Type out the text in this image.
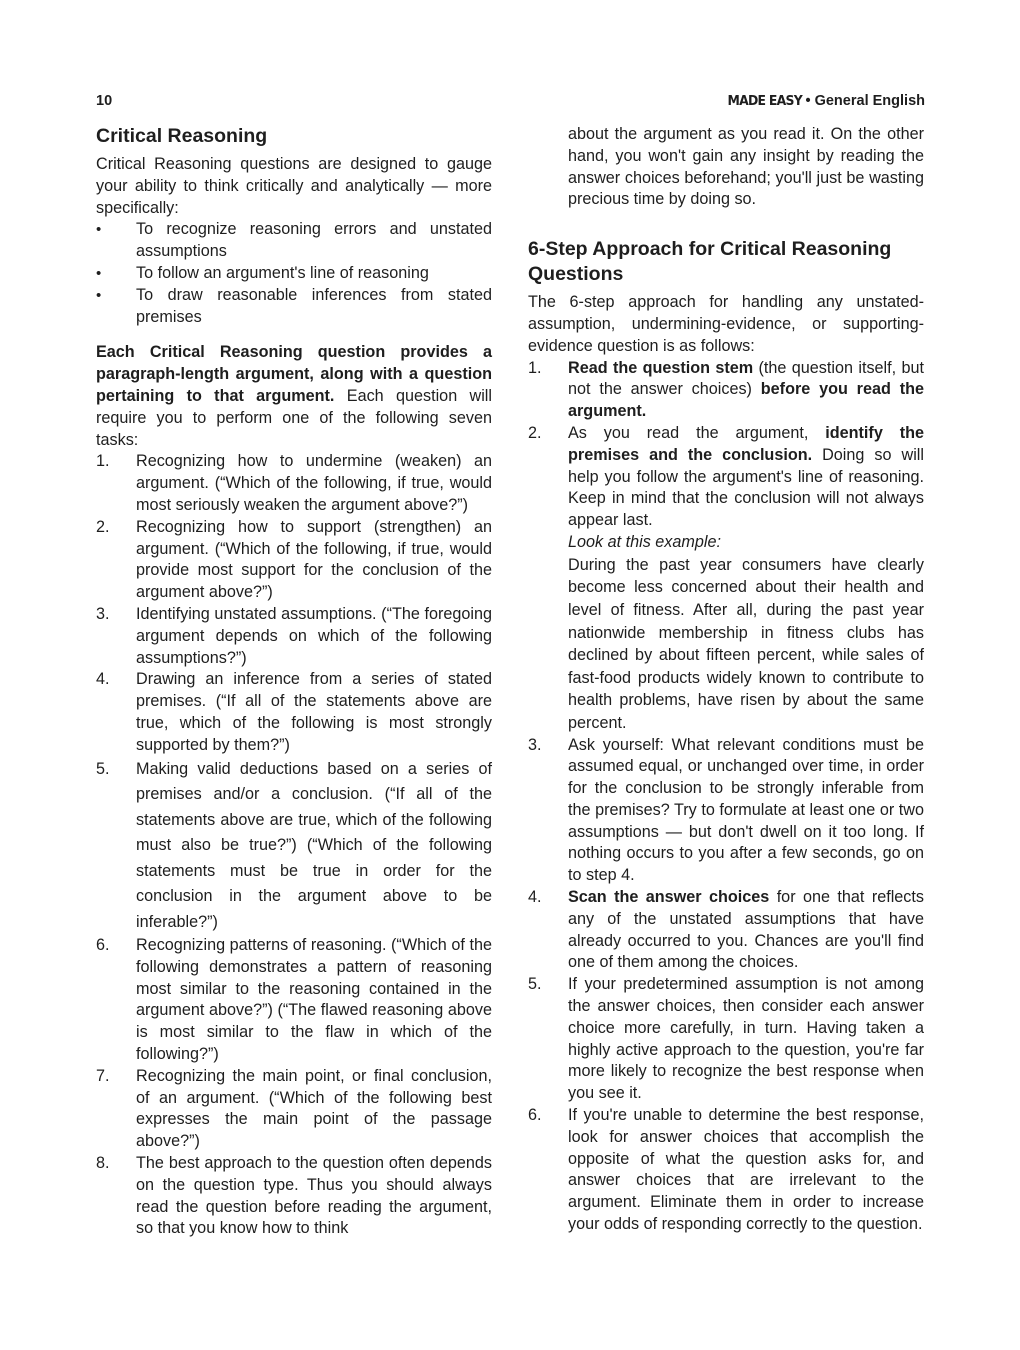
10	MADE EASY • General English
Critical Reasoning

Critical Reasoning questions are designed to gauge your ability to think critically and analytically — more specifically:

•	To recognize reasoning errors and unstated assumptions
•	To follow an argument's line of reasoning
•	To draw reasonable inferences from stated premises

Each Critical Reasoning question provides a paragraph-length argument, along with a question pertaining to that argument. Each question will require you to perform one of the following seven tasks:

1.	Recognizing how to undermine (weaken) an argument. (“Which of the following, if true, would most seriously weaken the argument above?”)
2.	Recognizing how to support (strengthen) an argument. (“Which of the following, if true, would provide most support for the conclusion of the argument above?”)
3.	Identifying unstated assumptions. (“The foregoing argument depends on which of the following assumptions?”)
4.	Drawing an inference from a series of stated premises. (“If all of the statements above are true, which of the following is most strongly supported by them?”)
5.	Making valid deductions based on a series of premises and/or a conclusion. (“If all of the statements above are true, which of the following must also be true?”) (“Which of the following statements must be true in order for the conclusion in the argument above to be inferable?”)
6.	Recognizing patterns of reasoning. (“Which of the following demonstrates a pattern of reasoning most similar to the reasoning contained in the argument above?”) (“The flawed reasoning above is most similar to the flaw in which of the following?”)
7.	Recognizing the main point, or final conclusion, of an argument. (“Which of the following best expresses the main point of the passage above?”)
8.	The best approach to the question often depends on the question type. Thus you should always read the question before reading the argument, so that you know how to think

about the argument as you read it. On the other hand, you won't gain any insight by reading the answer choices beforehand; you'll just be wasting precious time by doing so.

6-Step Approach for Critical Reasoning Questions

The 6-step approach for handling any unstated-assumption, undermining-evidence, or supporting-evidence question is as follows:

1.	Read the question stem (the question itself, but not the answer choices) before you read the argument.
2.	As you read the argument, identify the premises and the conclusion. Doing so will help you follow the argument's line of reasoning. Keep in mind that the conclusion will not always appear last.
Look at this example:
During the past year consumers have clearly become less concerned about their health and level of fitness. After all, during the past year nationwide membership in fitness clubs has declined by about fifteen percent, while sales of fast-food products widely known to contribute to health problems, have risen by about the same percent.
3.	Ask yourself: What relevant conditions must be assumed equal, or unchanged over time, in order for the conclusion to be strongly inferable from the premises? Try to formulate at least one or two assumptions — but don't dwell on it too long. If nothing occurs to you after a few seconds, go on to step 4.
4.	Scan the answer choices for one that reflects any of the unstated assumptions that have already occurred to you. Chances are you'll find one of them among the choices.
5.	If your predetermined assumption is not among the answer choices, then consider each answer choice more carefully, in turn. Having taken a highly active approach to the question, you're far more likely to recognize the best response when you see it.
6.	If you're unable to determine the best response, look for answer choices that accomplish the opposite of what the question asks for, and answer choices that are irrelevant to the argument. Eliminate them in order to increase your odds of responding correctly to the question.
